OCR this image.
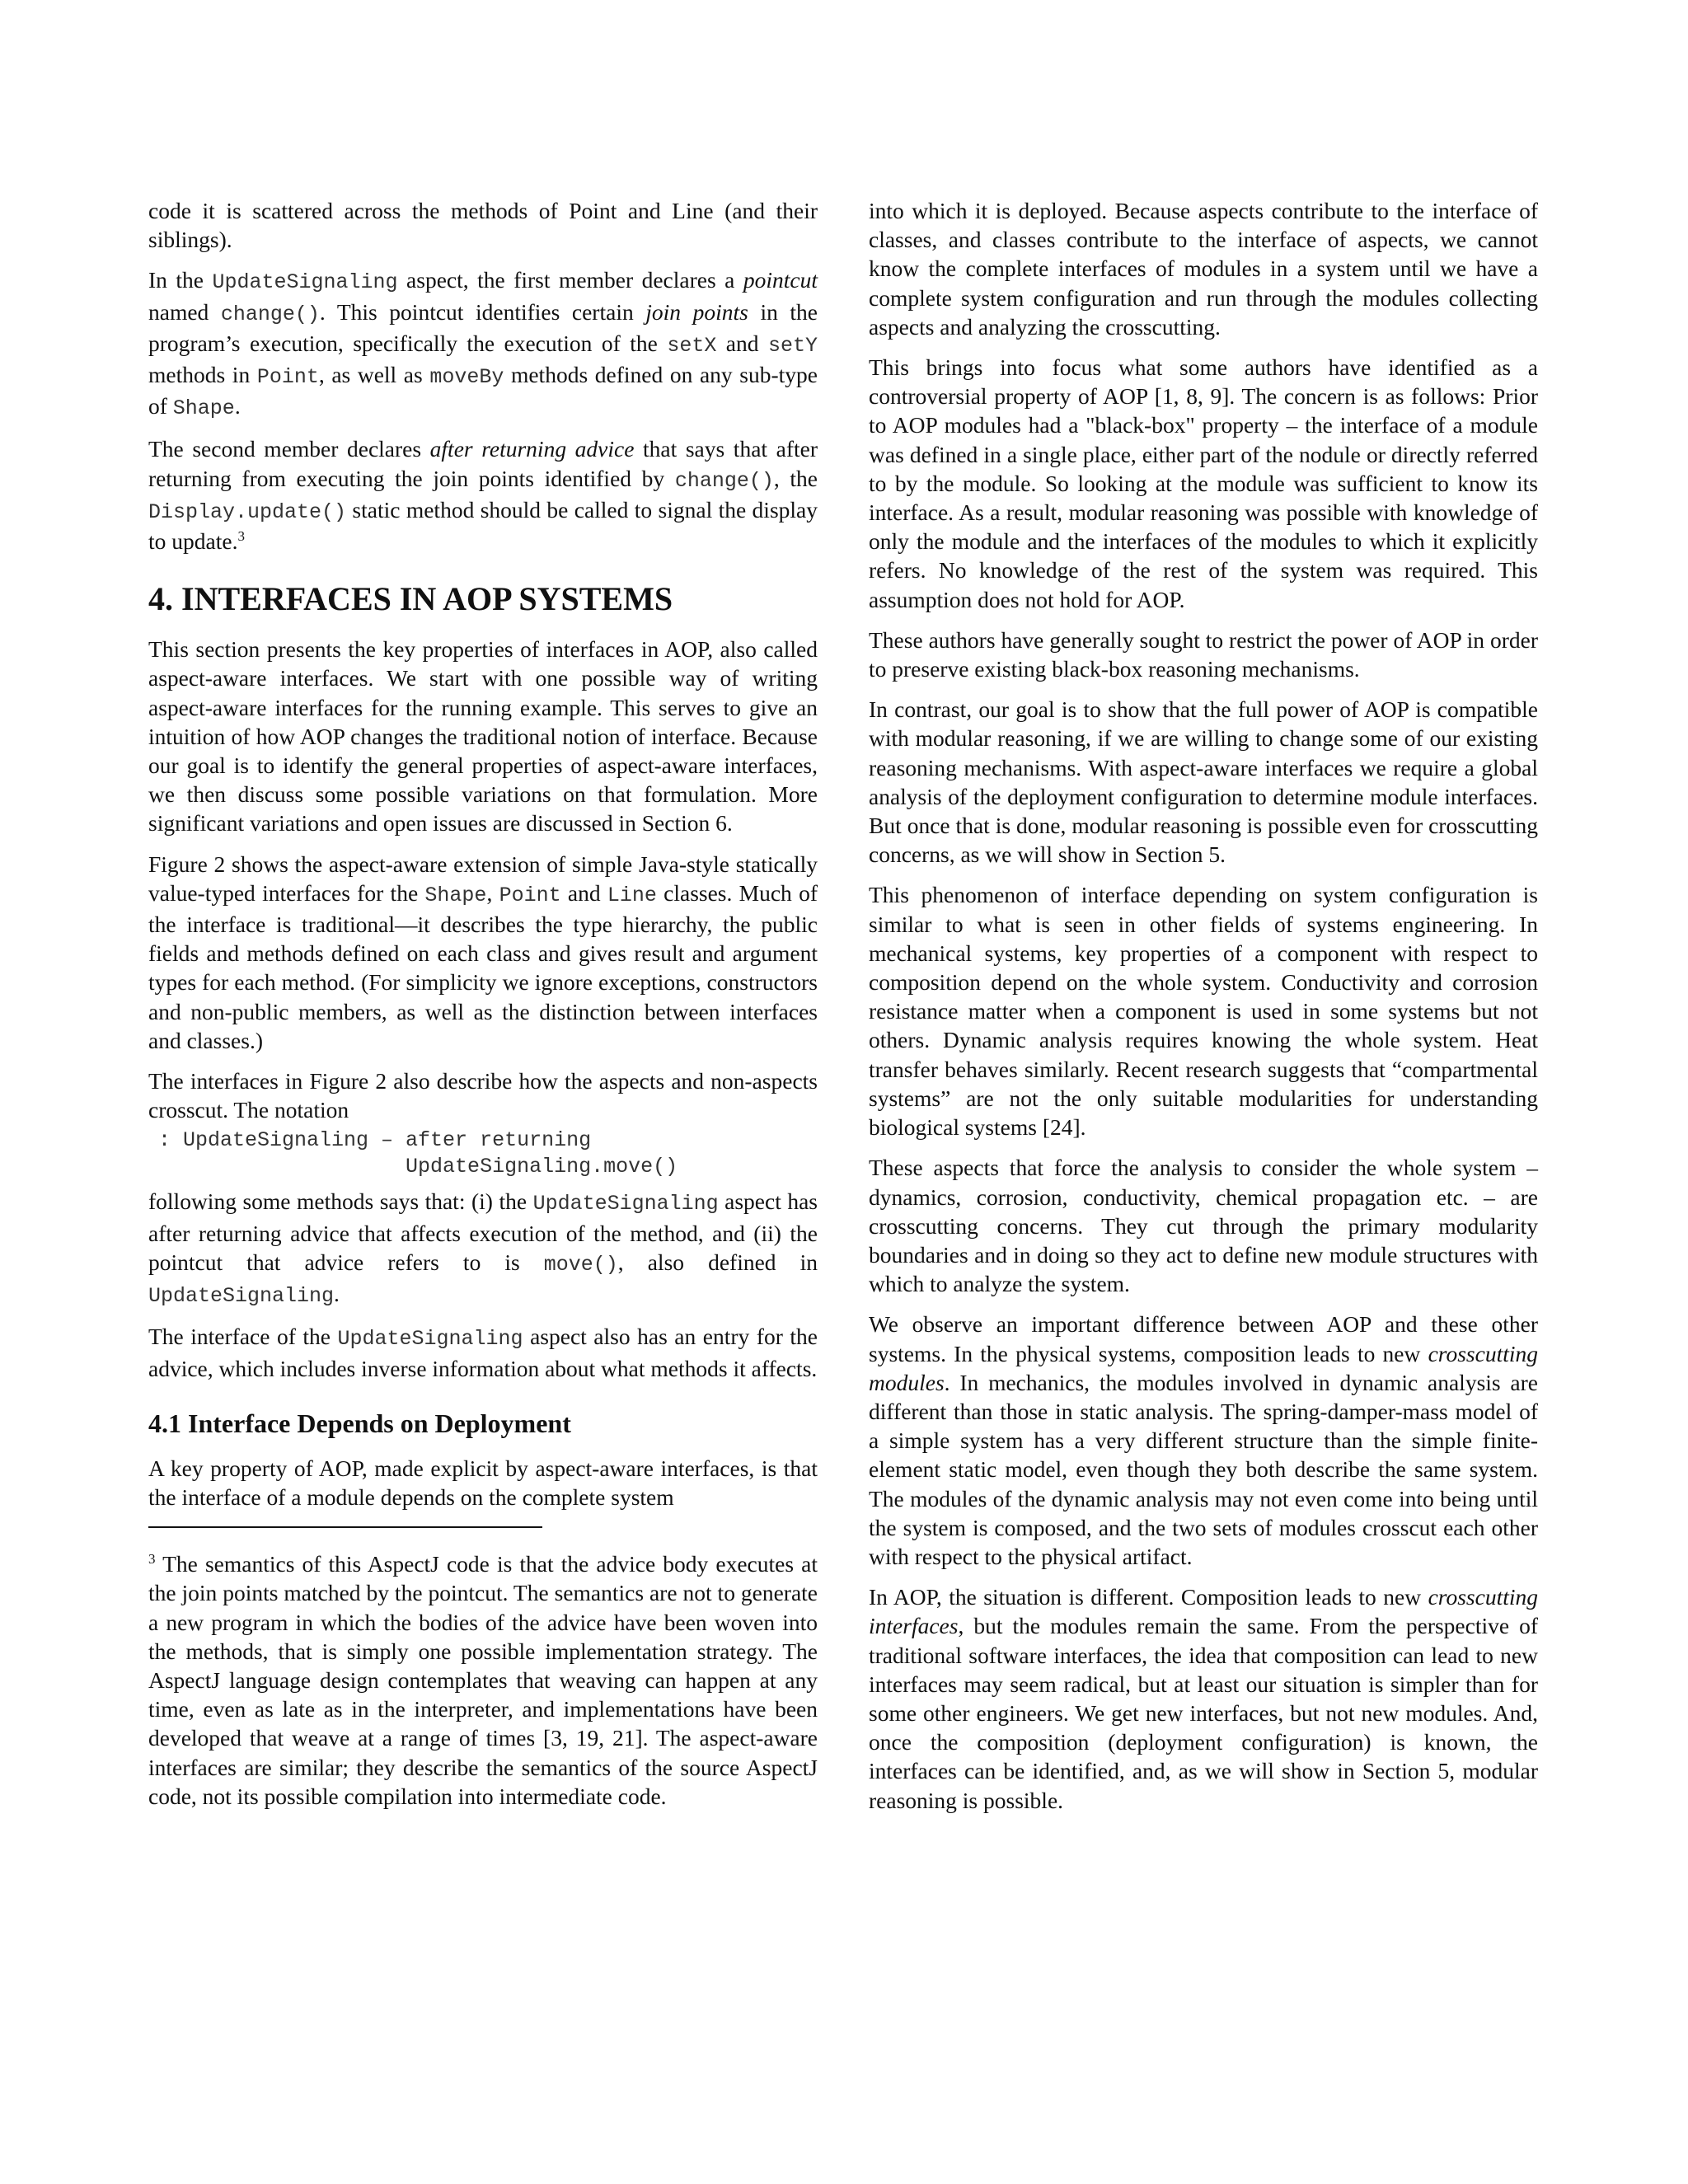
code it is scattered across the methods of Point and Line (and their siblings).

In the UpdateSignaling aspect, the first member declares a pointcut named change(). This pointcut identifies certain join points in the program’s execution, specifically the execution of the setX and setY methods in Point, as well as moveBy methods defined on any sub-type of Shape.

The second member declares after returning advice that says that after returning from executing the join points identified by change(), the Display.update() static method should be called to signal the display to update.$^3$

4. INTERFACES IN AOP SYSTEMS

This section presents the key properties of interfaces in AOP, also called aspect-aware interfaces. We start with one possible way of writing aspect-aware interfaces for the running example. This serves to give an intuition of how AOP changes the traditional notion of interface. Because our goal is to identify the general properties of aspect-aware interfaces, we then discuss some possible variations on that formulation. More significant variations and open issues are discussed in Section 6.

Figure 2 shows the aspect-aware extension of simple Java-style statically value-typed interfaces for the Shape, Point and Line classes. Much of the interface is traditional—it describes the type hierarchy, the public fields and methods defined on each class and gives result and argument types for each method. (For simplicity we ignore exceptions, constructors and non-public members, as well as the distinction between interfaces and classes.)

The interfaces in Figure 2 also describe how the aspects and non-aspects crosscut. The notation

: UpdateSignaling – after returning
UpdateSignaling.move()

following some methods says that: (i) the UpdateSignaling aspect has after returning advice that affects execution of the method, and (ii) the pointcut that advice refers to is move(), also defined in UpdateSignaling.

The interface of the UpdateSignaling aspect also has an entry for the advice, which includes inverse information about what methods it affects.

4.1 Interface Depends on Deployment

A key property of AOP, made explicit by aspect-aware interfaces, is that the interface of a module depends on the complete system

$^3$ The semantics of this AspectJ code is that the advice body executes at the join points matched by the pointcut. The semantics are not to generate a new program in which the bodies of the advice have been woven into the methods, that is simply one possible implementation strategy. The AspectJ language design contemplates that weaving can happen at any time, even as late as in the interpreter, and implementations have been developed that weave at a range of times [3, 19, 21]. The aspect-aware interfaces are similar; they describe the semantics of the source AspectJ code, not its possible compilation into intermediate code.

into which it is deployed. Because aspects contribute to the interface of classes, and classes contribute to the interface of aspects, we cannot know the complete interfaces of modules in a system until we have a complete system configuration and run through the modules collecting aspects and analyzing the crosscutting.

This brings into focus what some authors have identified as a controversial property of AOP [1, 8, 9]. The concern is as follows: Prior to AOP modules had a "black-box" property – the interface of a module was defined in a single place, either part of the nodule or directly referred to by the module. So looking at the module was sufficient to know its interface. As a result, modular reasoning was possible with knowledge of only the module and the interfaces of the modules to which it explicitly refers. No knowledge of the rest of the system was required. This assumption does not hold for AOP.

These authors have generally sought to restrict the power of AOP in order to preserve existing black-box reasoning mechanisms.

In contrast, our goal is to show that the full power of AOP is compatible with modular reasoning, if we are willing to change some of our existing reasoning mechanisms. With aspect-aware interfaces we require a global analysis of the deployment configuration to determine module interfaces. But once that is done, modular reasoning is possible even for crosscutting concerns, as we will show in Section 5.

This phenomenon of interface depending on system configuration is similar to what is seen in other fields of systems engineering. In mechanical systems, key properties of a component with respect to composition depend on the whole system. Conductivity and corrosion resistance matter when a component is used in some systems but not others. Dynamic analysis requires knowing the whole system. Heat transfer behaves similarly. Recent research suggests that “compartmental systems” are not the only suitable modularities for understanding biological systems [24].

These aspects that force the analysis to consider the whole system – dynamics, corrosion, conductivity, chemical propagation etc. – are crosscutting concerns. They cut through the primary modularity boundaries and in doing so they act to define new module structures with which to analyze the system.

We observe an important difference between AOP and these other systems. In the physical systems, composition leads to new crosscutting modules. In mechanics, the modules involved in dynamic analysis are different than those in static analysis. The spring-damper-mass model of a simple system has a very different structure than the simple finite-element static model, even though they both describe the same system. The modules of the dynamic analysis may not even come into being until the system is composed, and the two sets of modules crosscut each other with respect to the physical artifact.

In AOP, the situation is different. Composition leads to new crosscutting interfaces, but the modules remain the same. From the perspective of traditional software interfaces, the idea that composition can lead to new interfaces may seem radical, but at least our situation is simpler than for some other engineers. We get new interfaces, but not new modules. And, once the composition (deployment configuration) is known, the interfaces can be identified, and, as we will show in Section 5, modular reasoning is possible.
